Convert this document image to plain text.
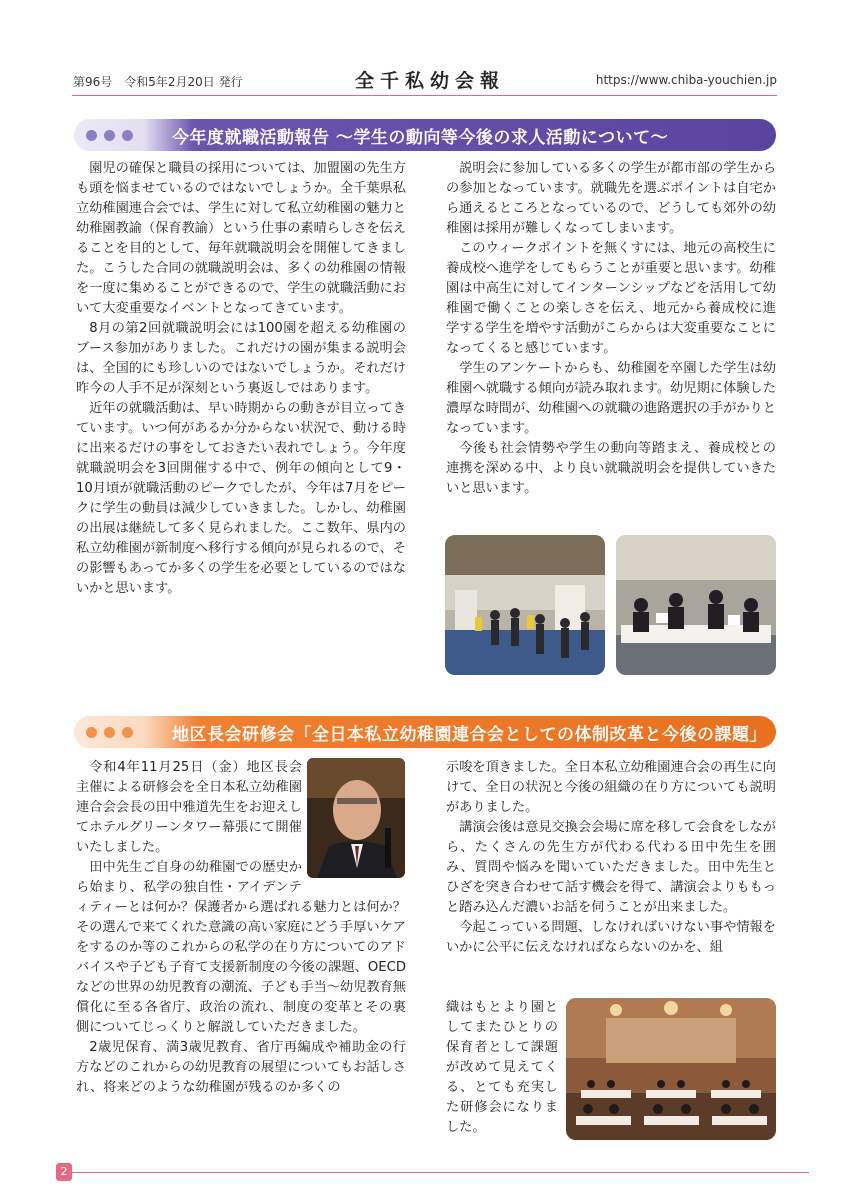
第96号　令和5年2月20日 発行	全千私幼会報	https://www.chiba-youchien.jp
今年度就職活動報告 ～学生の動向等今後の求人活動について～

園児の確保と職員の採用については、加盟園の先生方も頭を悩ませているのではないでしょうか。全千葉県私立幼稚園連合会では、学生に対して私立幼稚園の魅力と幼稚園教諭（保育教諭）という仕事の素晴らしさを伝えることを目的として、毎年就職説明会を開催してきました。こうした合同の就職説明会は、多くの幼稚園の情報を一度に集めることができるので、学生の就職活動において大変重要なイベントとなってきています。

8月の第2回就職説明会には100園を超える幼稚園のブース参加がありました。これだけの園が集まる説明会は、全国的にも珍しいのではないでしょうか。それだけ昨今の人手不足が深刻という裏返しではあります。

近年の就職活動は、早い時期からの動きが目立ってきています。いつ何があるか分からない状況で、動ける時に出来るだけの事をしておきたい表れでしょう。今年度就職説明会を3回開催する中で、例年の傾向として9・10月頃が就職活動のピークでしたが、今年は7月をピークに学生の動員は減少していきました。しかし、幼稚園の出展は継続して多く見られました。ここ数年、県内の私立幼稚園が新制度へ移行する傾向が見られるので、その影響もあってか多くの学生を必要としているのではないかと思います。

説明会に参加している多くの学生が都市部の学生からの参加となっています。就職先を選ぶポイントは自宅から通えるところとなっているので、どうしても郊外の幼稚園は採用が難しくなってしまいます。

このウィークポイントを無くすには、地元の高校生に養成校へ進学をしてもらうことが重要と思います。幼稚園は中高生に対してインターンシップなどを活用して幼稚園で働くことの楽しさを伝え、地元から養成校に進学する学生を増やす活動がこらからは大変重要なことになってくると感じています。

学生のアンケートからも、幼稚園を卒園した学生は幼稚園へ就職する傾向が読み取れます。幼児期に体験した濃厚な時間が、幼稚園への就職の進路選択の手がかりとなっています。

今後も社会情勢や学生の動向等踏まえ、養成校との連携を深める中、より良い就職説明会を提供していきたいと思います。

地区長会研修会「全日本私立幼稚園連合会としての体制改革と今後の課題」

令和4年11月25日（金）地区長会主催による研修会を全日本私立幼稚園連合会会長の田中雅道先生をお迎えしてホテルグリーンタワー幕張にて開催いたしました。

田中先生ご自身の幼稚園での歴史から始まり、私学の独自性・アイデンティティーとは何か？保護者から選ばれる魅力とは何か？その選んで来てくれた意識の高い家庭にどう手厚いケアをするのか等のこれからの私学の在り方についてのアドバイスや子ども子育て支援新制度の今後の課題、OECDなどの世界の幼児教育の潮流、子ども手当～幼児教育無償化に至る各省庁、政治の流れ、制度の変革とその裏側についてじっくりと解説していただきました。

2歳児保育、満3歳児教育、省庁再編成や補助金の行方などのこれからの幼児教育の展望についてもお話しされ、将来どのような幼稚園が残るのか多くの

示唆を頂きました。全日本私立幼稚園連合会の再生に向けて、全日の状況と今後の組織の在り方についても説明がありました。

講演会後は意見交換会会場に席を移して会食をしながら、たくさんの先生方が代わる代わる田中先生を囲み、質問や悩みを聞いていただきました。田中先生とひざを突き合わせて話す機会を得て、講演会よりももっと踏み込んだ濃いお話を伺うことが出来ました。

今起こっている問題、しなければいけない事や情報をいかに公平に伝えなければならないのかを、組

織はもとより園としてまたひとりの保育者として課題が改めて見えてくる、とても充実した研修会になりました。

2
